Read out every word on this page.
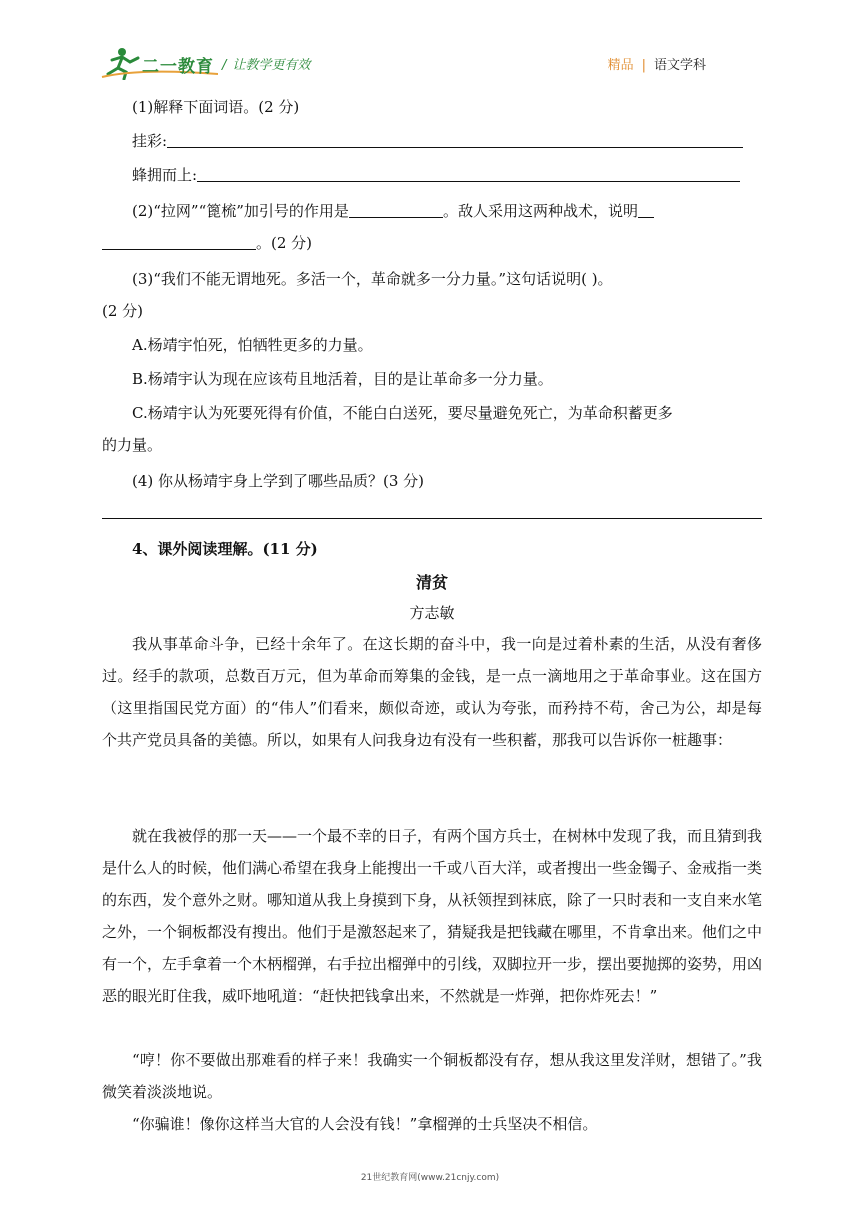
二一教育 / 让教学更有效	精品 | 语文学科
(1)解释下面词语。(2 分)
挂彩:
蜂拥而上:
(2)“拉网”“篦梳”加引号的作用是	。敌人采用这两种战术，说明
。(2 分)
(3)“我们不能无谓地死。多活一个，革命就多一分力量。”这句话说明( )。
(2 分)
A.杨靖宇怕死，怕牺牲更多的力量。
B.杨靖宇认为现在应该苟且地活着，目的是让革命多一分力量。
C.杨靖宇认为死要死得有价值，不能白白送死，要尽量避免死亡，为革命积蓄更多
的力量。
(4) 你从杨靖宇身上学到了哪些品质？(3 分)
4、课外阅读理解。(11 分)
清贫
方志敏
我从事革命斗争，已经十余年了。在这长期的奋斗中，我一向是过着朴素的生活，从没有奢侈过。经手的款项，总数百万元，但为革命而筹集的金钱，是一点一滴地用之于革命事业。这在国方（这里指国民党方面）的“伟人”们看来，颇似奇迹，或认为夸张，而矜持不苟，舍己为公，却是每个共产党员具备的美德。所以，如果有人问我身边有没有一些积蓄，那我可以告诉你一桩趣事：
就在我被俘的那一天——一个最不幸的日子，有两个国方兵士，在树林中发现了我，而且猜到我是什么人的时候，他们满心希望在我身上能搜出一千或八百大洋，或者搜出一些金镯子、金戒指一类的东西，发个意外之财。哪知道从我上身摸到下身，从袄领捏到袜底，除了一只时表和一支自来水笔之外，一个铜板都没有搜出。他们于是激怒起来了，猜疑我是把钱藏在哪里，不肯拿出来。他们之中有一个，左手拿着一个木柄榴弹，右手拉出榴弹中的引线，双脚拉开一步，摆出要抛掷的姿势，用凶恶的眼光盯住我，威吓地吼道：“赶快把钱拿出来，不然就是一炸弹，把你炸死去！”
“哼！你不要做出那难看的样子来！我确实一个铜板都没有存，想从我这里发洋财，想错了。”我微笑着淡淡地说。
“你骗谁！像你这样当大官的人会没有钱！”拿榴弹的士兵坚决不相信。
21世纪教育网(www.21cnjy.com)
